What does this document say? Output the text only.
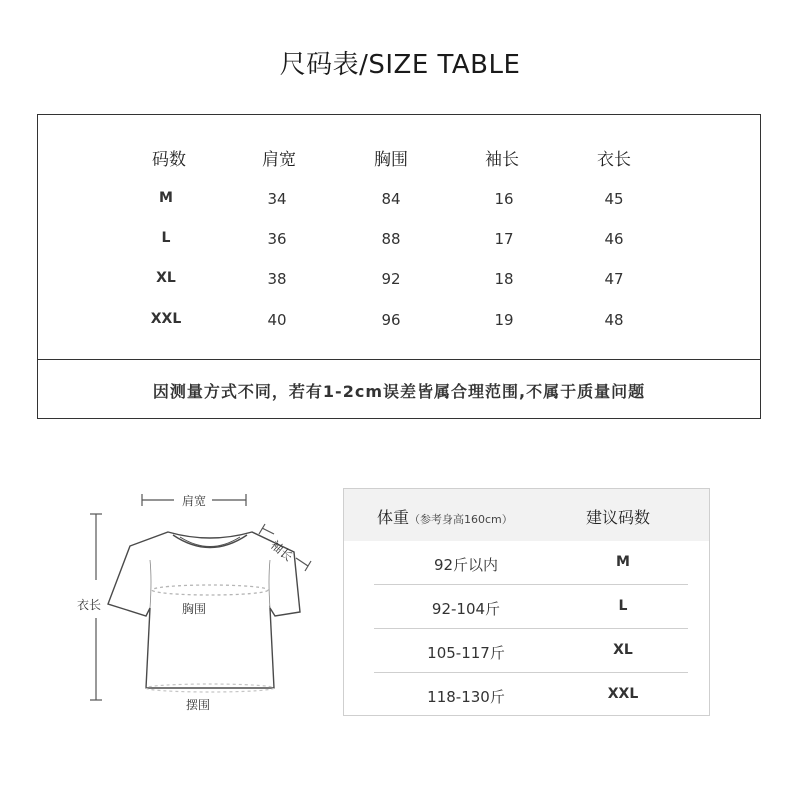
尺码表/SIZE TABLE
码数	肩宽	胸围	袖长	衣长
M	34	84	16	45
L	36	88	17	46
XL	38	92	18	47
XXL	40	96	19	48
因测量方式不同，若有1-2cm误差皆属合理范围,不属于质量问题
肩宽
袖长
衣长	胸围
摆围
体重（参考身高160cm）	建议码数
92斤以内	M
92-104斤	L
105-117斤	XL
118-130斤	XXL
